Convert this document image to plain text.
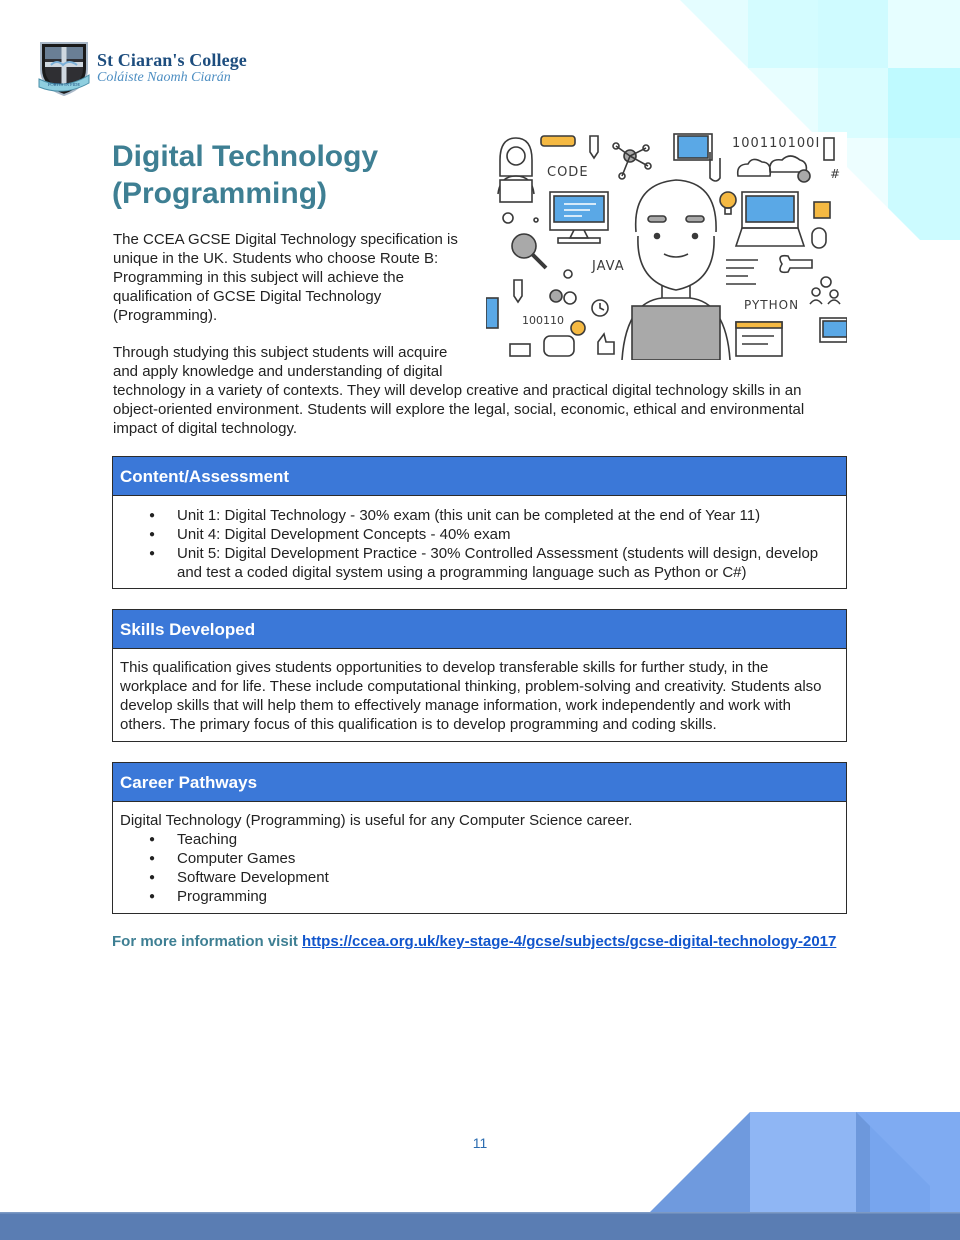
FORTIS IN FIDE
St Ciaran's College
Coláiste Naomh Ciarán
Digital Technology
(Programming)
CODE
100110100I
#
JAVA
100110
PYTHON

The CCEA GCSE Digital Technology specification is unique in the UK. Students who choose Route B: Programming in this subject will achieve the qualification of GCSE Digital Technology (Programming).

Through studying this subject students will acquire and apply knowledge and understanding of digital
technology in a variety of contexts. They will develop creative and practical digital technology skills in an object-oriented environment. Students will explore the legal, social, economic, ethical and environmental impact of digital technology.

Content/Assessment
● Unit 1: Digital Technology - 30% exam (this unit can be completed at the end of Year 11)
● Unit 4: Digital Development Concepts - 40% exam
● Unit 5: Digital Development Practice - 30% Controlled Assessment (students will design, develop and test a coded digital system using a programming language such as Python or C#)
Skills Developed

This qualification gives students opportunities to develop transferable skills for further study, in the workplace and for life. These include computational thinking, problem-solving and creativity. Students also develop skills that will help them to effectively manage information, work independently and work with others. The primary focus of this qualification is to develop programming and coding skills.

Career Pathways

Digital Technology (Programming) is useful for any Computer Science career.

● Teaching
● Computer Games
● Software Development
● Programming

For more information visit https://ccea.org.uk/key-stage-4/gcse/subjects/gcse-digital-technology-2017

11
